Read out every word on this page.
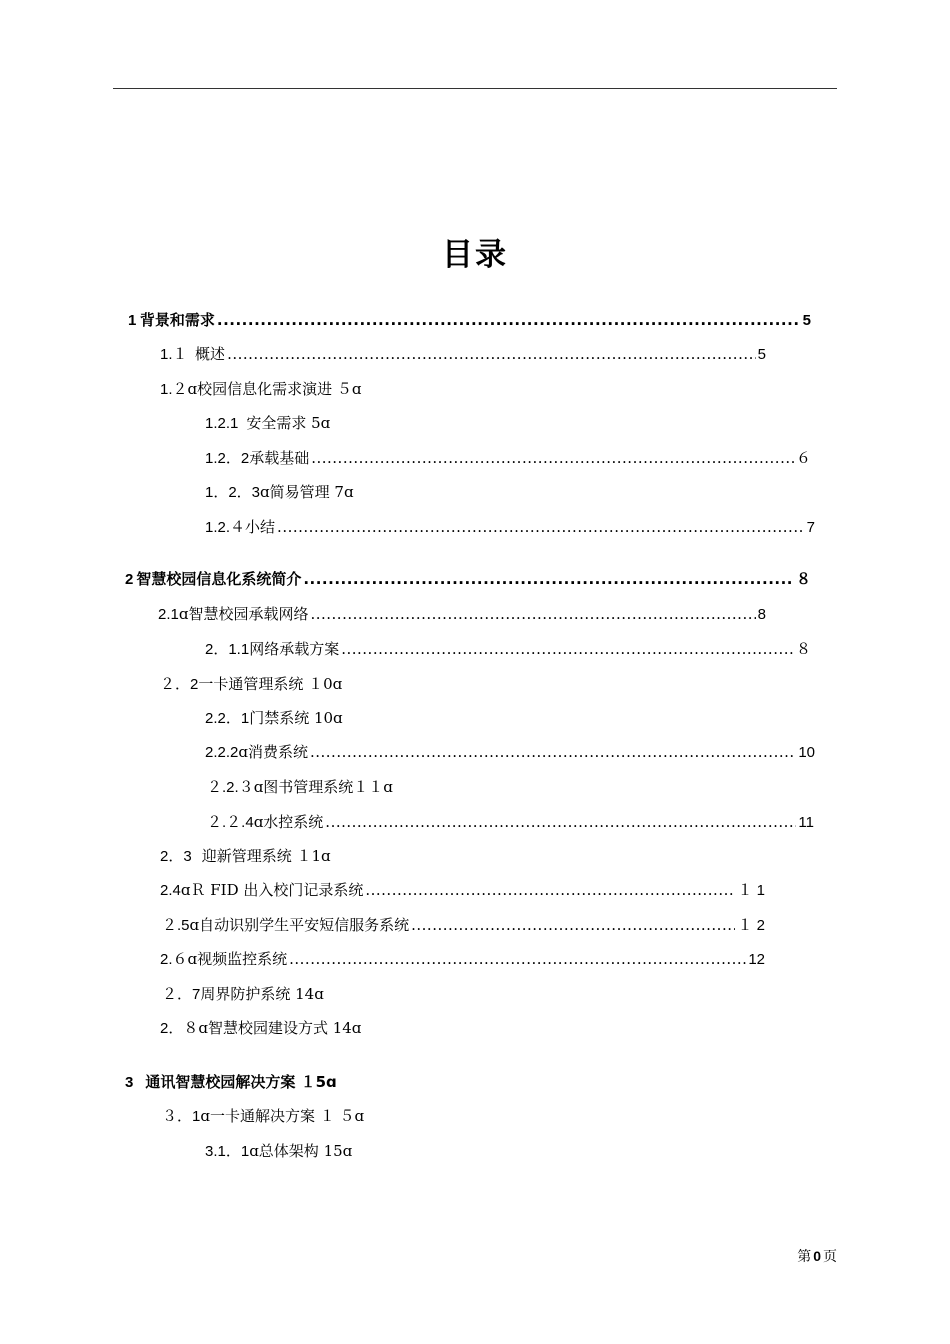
目录
1 背景和需求 .....	5
1.１ 概述 .....	5
1.２ ɑ校园信息化需求演进 ５ɑ
1.2.1 安全需求 5ɑ
1.2．2 承载基础 .....	６
1．2．3 ɑ简易管理 7ɑ
1.2. ４小结 .....	7
2 智慧校园信息化系统简介 .....	８
2.1 ɑ智慧校园承载网络 .....	8
2．1.1 网络承载方案 .....	８
２．2 一卡通管理系统 １0ɑ
2.2．1 门禁系统 10ɑ
2.2.2 ɑ消费系统 .....	10
２.2.３ ɑ图书管理系统１１ɑ
２.２.4 ɑ水控系统 .....	11
2．3 迎新管理系统 １1ɑ
2.4 ɑＲ FID 出入校门记录系统 .....	１ 1
２.5 ɑ自动识别学生平安短信服务系统 .....	１ 2
2.６ ɑ视频监控系统 .....	12
２．7 周界防护系统 14ɑ
2．８ ɑ智慧校园建设方式 14ɑ
3 通讯智慧校园解决方案 １5ɑ
３．1 ɑ一卡通解决方案 １ ５ɑ
3.1．1 ɑ总体架构 15ɑ
第 0 页
